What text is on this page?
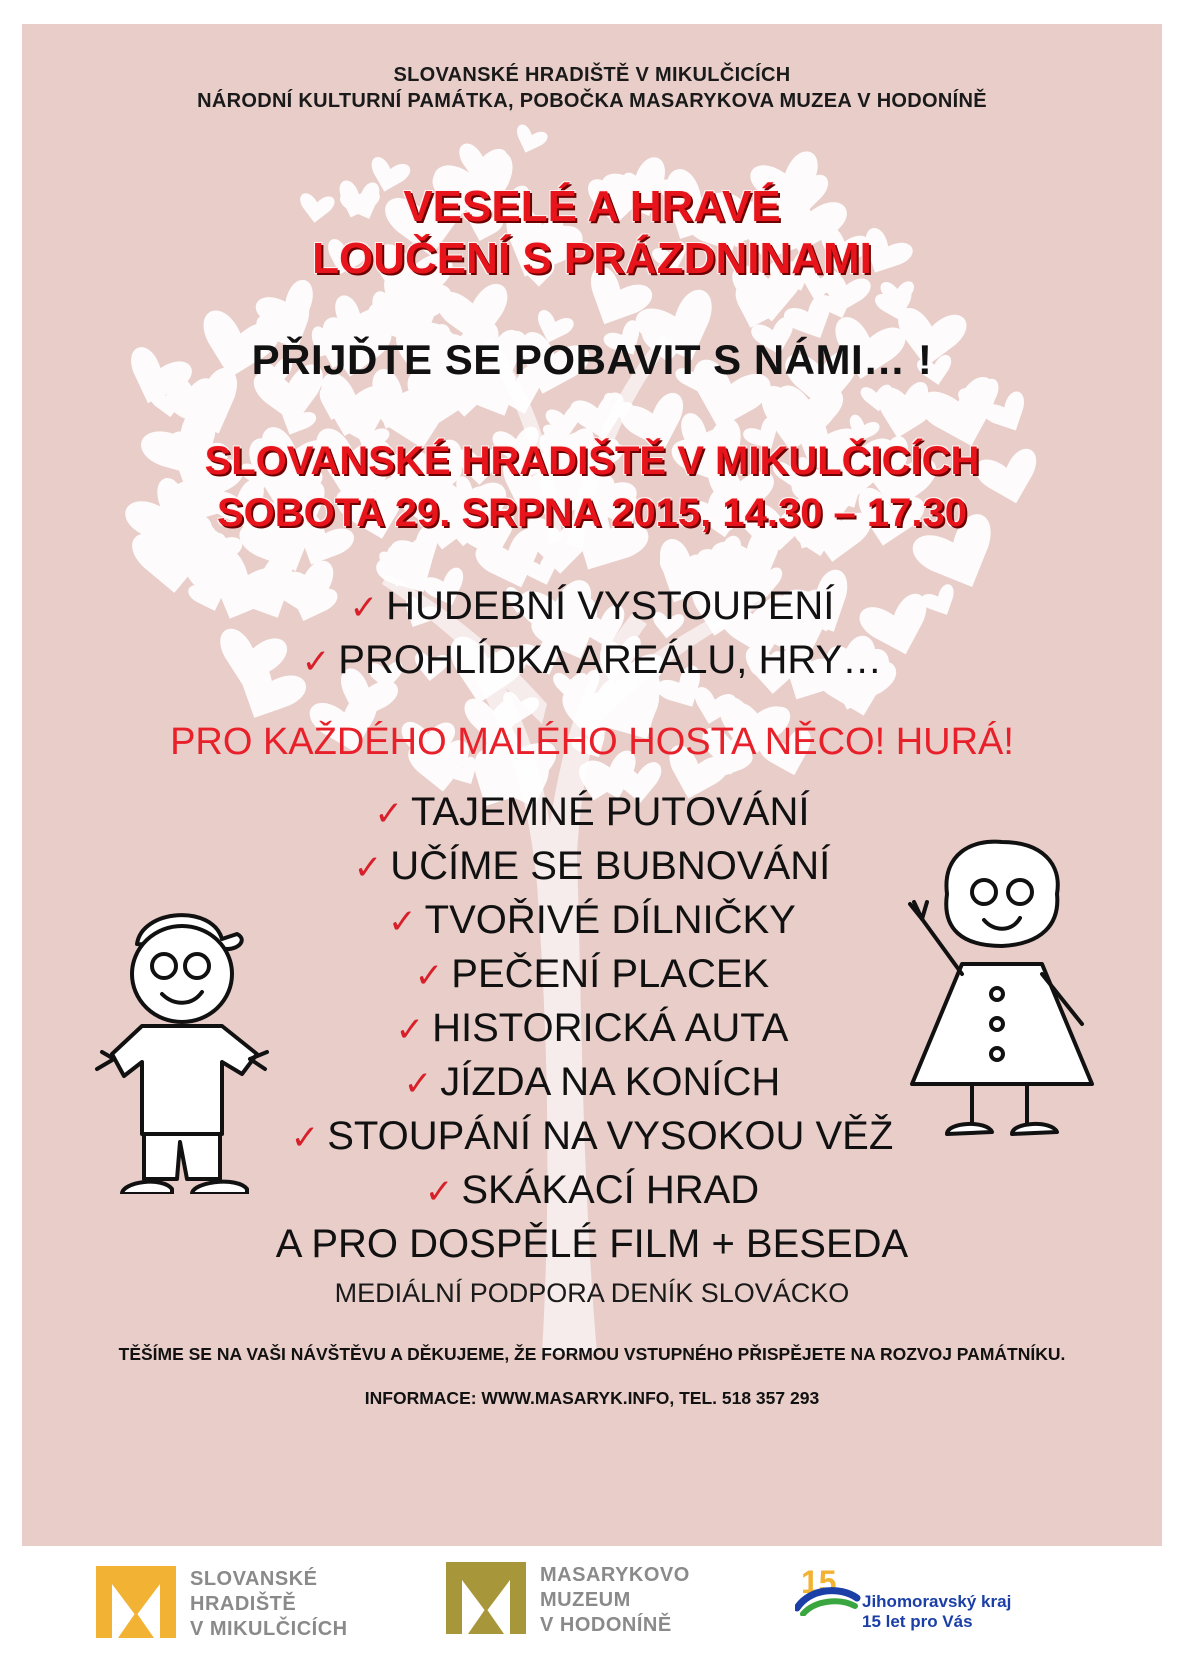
SLOVANSKÉ HRADIŠTĚ V MIKULČICÍCH
NÁRODNÍ KULTURNÍ PAMÁTKA, POBOČKA MASARYKOVA MUZEA V HODONÍNĚ
VESELÉ A HRAVÉ
LOUČENÍ S PRÁZDNINAMI
PŘIJĎTE SE POBAVIT S NÁMI… !
SLOVANSKÉ HRADIŠTĚ V MIKULČICÍCH
SOBOTA 29. SRPNA 2015, 14.30 – 17.30
✓ HUDEBNÍ VYSTOUPENÍ
✓ PROHLÍDKA AREÁLU, HRY…
PRO KAŽDÉHO MALÉHO HOSTA NĚCO! HURÁ!
✓ TAJEMNÉ PUTOVÁNÍ
✓ UČÍME SE BUBNOVÁNÍ
✓ TVOŘIVÉ DÍLNIČKY
✓ PEČENÍ PLACEK
✓ HISTORICKÁ AUTA
✓ JÍZDA NA KONÍCH
✓ STOUPÁNÍ NA VYSOKOU VĚŽ
✓ SKÁKACÍ HRAD
A PRO DOSPĚLÉ FILM + BESEDA
MEDIÁLNÍ PODPORA DENÍK SLOVÁCKO
TĚŠÍME SE NA VAŠI NÁVŠTĚVU A DĚKUJEME, ŽE FORMOU VSTUPNÉHO PŘISPĚJETE NA ROZVOJ PAMÁTNÍKU.
INFORMACE: WWW.MASARYK.INFO, TEL. 518 357 293
SLOVANSKÉ
HRADIŠTĚ
V MIKULČICÍCH
MASARYKOVO
MUZEUM
V HODONÍNĚ
15
Jihomoravský kraj
15 let pro Vás
